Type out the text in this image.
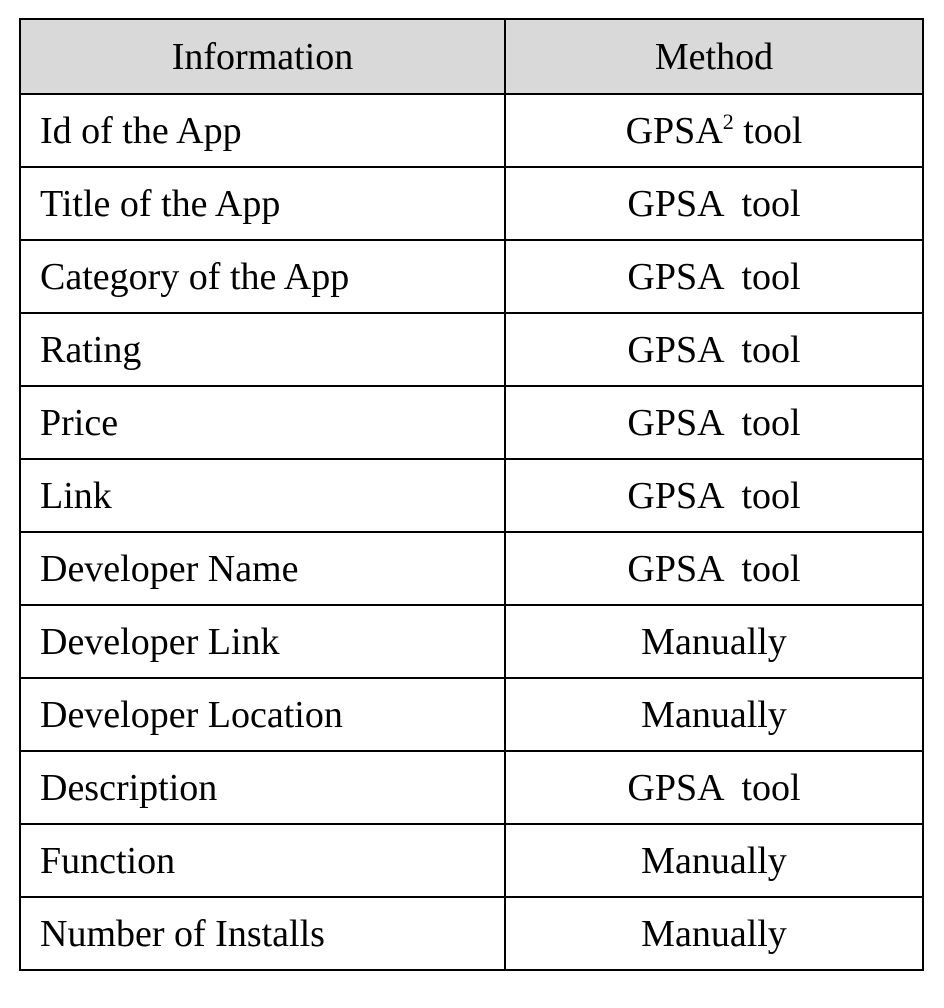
Information	Method
Id of the App	GPSA$^2$ tool
Title of the App	GPSA  tool
Category of the App	GPSA  tool
Rating	GPSA  tool
Price	GPSA  tool
Link	GPSA  tool
Developer Name	GPSA  tool
Developer Link	Manually
Developer Location	Manually
Description	GPSA  tool
Function	Manually
Number of Installs	Manually
